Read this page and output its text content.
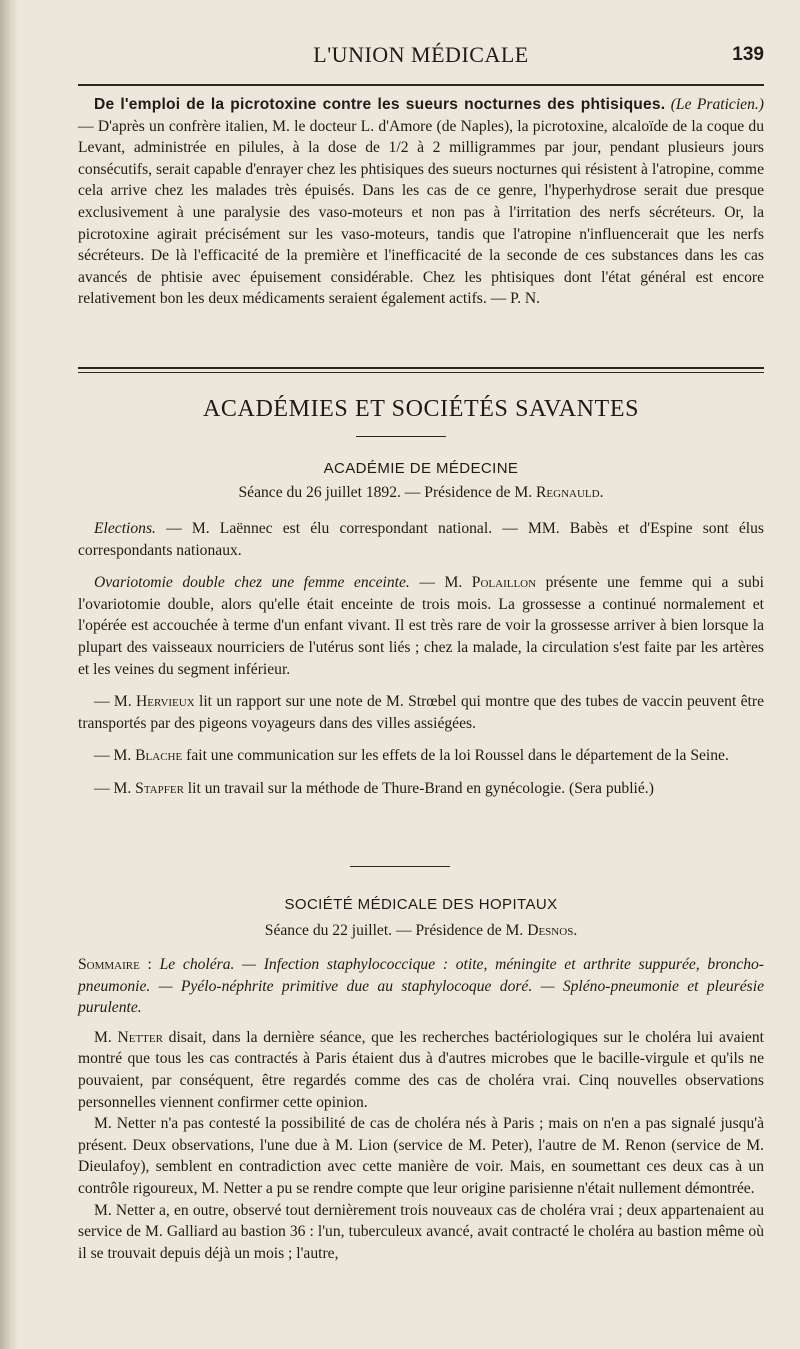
L'UNION MÉDICALE	139

De l'emploi de la picrotoxine contre les sueurs nocturnes des phtisiques. (Le Praticien.) — D'après un confrère italien, M. le docteur L. d'Amore (de Naples), la picrotoxine, alcaloïde de la coque du Levant, administrée en pilules, à la dose de 1/2 à 2 milligrammes par jour, pendant plusieurs jours consécutifs, serait capable d'enrayer chez les phtisiques des sueurs nocturnes qui résistent à l'atropine, comme cela arrive chez les malades très épuisés. Dans les cas de ce genre, l'hyperhydrose serait due presque exclusivement à une paralysie des vaso-moteurs et non pas à l'irritation des nerfs sécréteurs. Or, la picrotoxine agirait précisément sur les vaso-moteurs, tandis que l'atropine n'influencerait que les nerfs sécréteurs. De là l'efficacité de la première et l'inefficacité de la seconde de ces substances dans les cas avancés de phtisie avec épuisement considérable. Chez les phtisiques dont l'état général est encore relativement bon les deux médicaments seraient également actifs. — P. N.

ACADÉMIES ET SOCIÉTÉS SAVANTES
ACADÉMIE DE MÉDECINE
Séance du 26 juillet 1892. — Présidence de M. Regnauld.

Elections. — M. Laënnec est élu correspondant national. — MM. Babès et d'Espine sont élus correspondants nationaux.

Ovariotomie double chez une femme enceinte. — M. Polaillon présente une femme qui a subi l'ovariotomie double, alors qu'elle était enceinte de trois mois. La grossesse a continué normalement et l'opérée est accouchée à terme d'un enfant vivant. Il est très rare de voir la grossesse arriver à bien lorsque la plupart des vaisseaux nourriciers de l'utérus sont liés ; chez la malade, la circulation s'est faite par les artères et les veines du segment inférieur.

— M. Hervieux lit un rapport sur une note de M. Strœbel qui montre que des tubes de vaccin peuvent être transportés par des pigeons voyageurs dans des villes assiégées.

— M. Blache fait une communication sur les effets de la loi Roussel dans le département de la Seine.

— M. Stapfer lit un travail sur la méthode de Thure-Brand en gynécologie. (Sera publié.)

SOCIÉTÉ MÉDICALE DES HOPITAUX
Séance du 22 juillet. — Présidence de M. Desnos.

Sommaire : Le choléra. — Infection staphylococcique : otite, méningite et arthrite suppurée, broncho-pneumonie. — Pyélo-néphrite primitive due au staphylocoque doré. — Spléno-pneumonie et pleurésie purulente.

M. Netter disait, dans la dernière séance, que les recherches bactériologiques sur le choléra lui avaient montré que tous les cas contractés à Paris étaient dus à d'autres microbes que le bacille-virgule et qu'ils ne pouvaient, par conséquent, être regardés comme des cas de choléra vrai. Cinq nouvelles observations personnelles viennent confirmer cette opinion.

M. Netter n'a pas contesté la possibilité de cas de choléra nés à Paris ; mais on n'en a pas signalé jusqu'à présent. Deux observations, l'une due à M. Lion (service de M. Peter), l'autre de M. Renon (service de M. Dieulafoy), semblent en contradiction avec cette manière de voir. Mais, en soumettant ces deux cas à un contrôle rigoureux, M. Netter a pu se rendre compte que leur origine parisienne n'était nullement démontrée.

M. Netter a, en outre, observé tout dernièrement trois nouveaux cas de choléra vrai ; deux appartenaient au service de M. Galliard au bastion 36 : l'un, tuberculeux avancé, avait contracté le choléra au bastion même où il se trouvait depuis déjà un mois ; l'autre,
